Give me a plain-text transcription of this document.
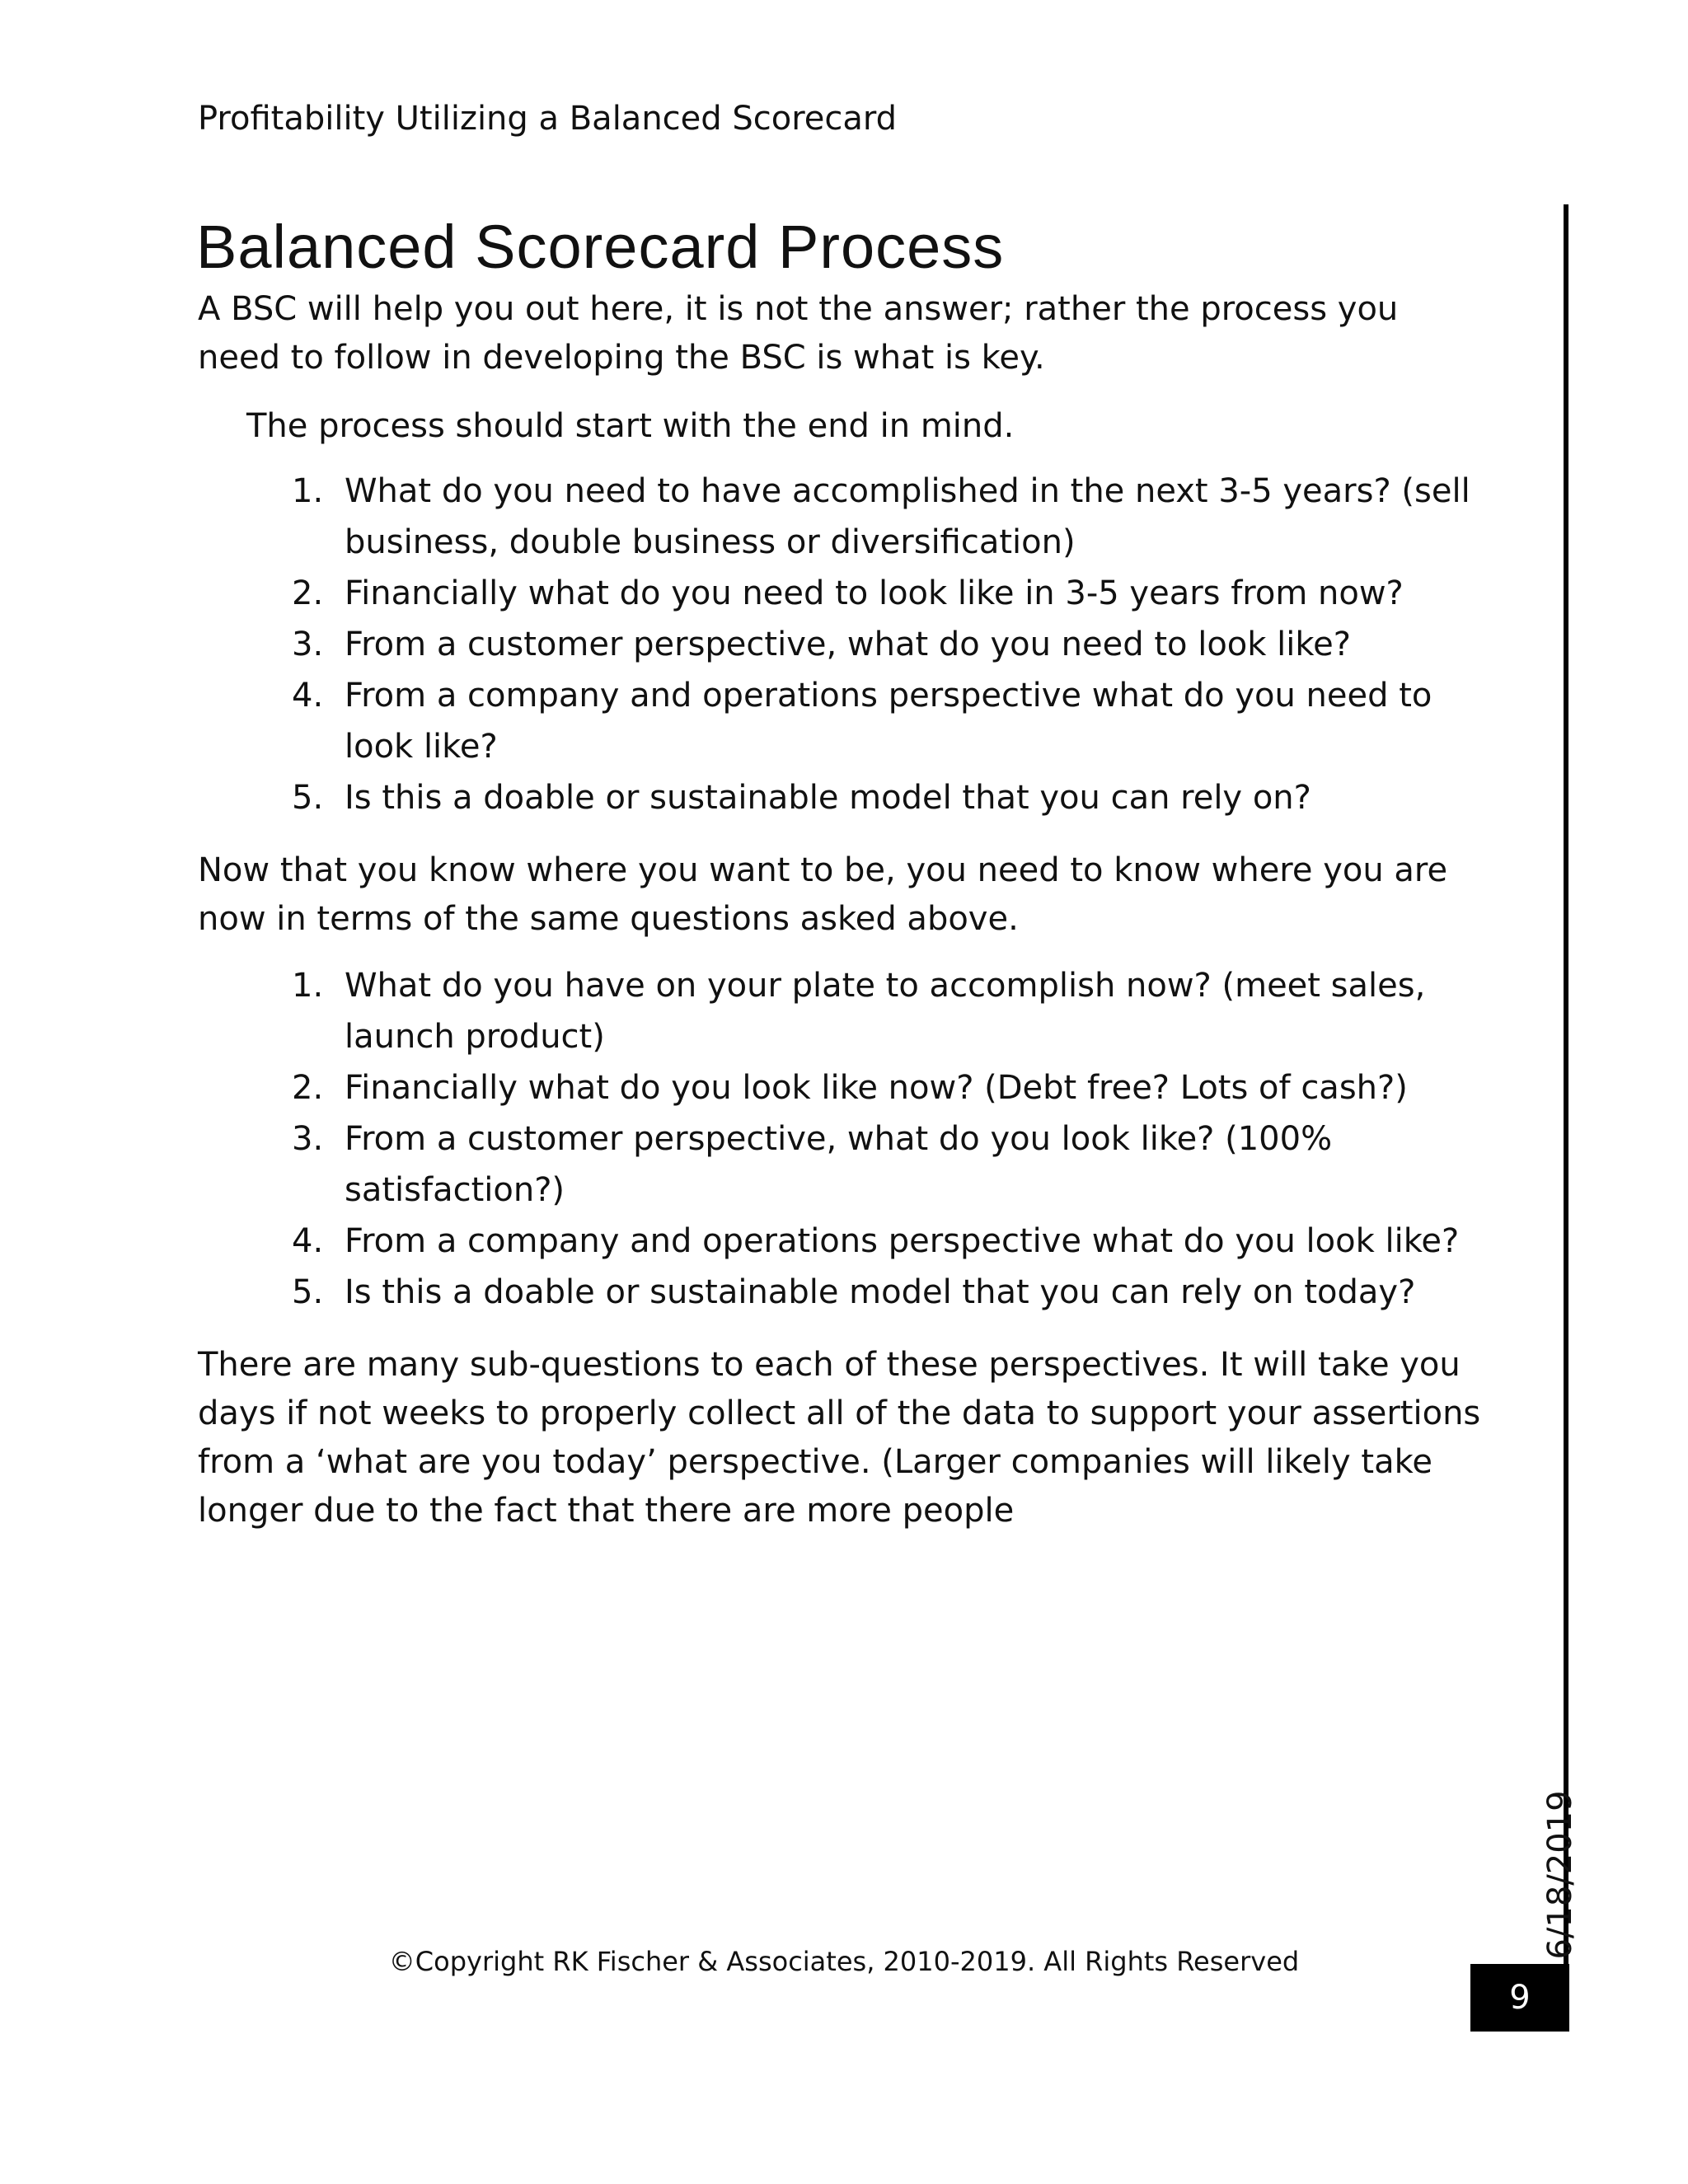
Profitability Utilizing a Balanced Scorecard
Balanced Scorecard Process

A BSC will help you out here, it is not the answer; rather the process you need to follow in developing the BSC is what is key.

The process should start with the end in mind.

1. What do you need to have accomplished in the next 3-5 years? (sell business, double business or diversification)
2. Financially what do you need to look like in 3-5 years from now?
3. From a customer perspective, what do you need to look like?
4. From a company and operations perspective what do you need to look like?
5. Is this a doable or sustainable model that you can rely on?

Now that you know where you want to be, you need to know where you are now in terms of the same questions asked above.

1. What do you have on your plate to accomplish now? (meet sales, launch product)
2. Financially what do you look like now? (Debt free? Lots of cash?)
3. From a customer perspective, what do you look like? (100% satisfaction?)
4. From a company and operations perspective what do you look like?
5. Is this a doable or sustainable model that you can rely on today?

There are many sub-questions to each of these perspectives. It will take you days if not weeks to properly collect all of the data to support your assertions from a ‘what are you today’ perspective. (Larger companies will likely take longer due to the fact that there are more people

6/18/2019
©Copyright RK Fischer & Associates, 2010-2019. All Rights Reserved
9
